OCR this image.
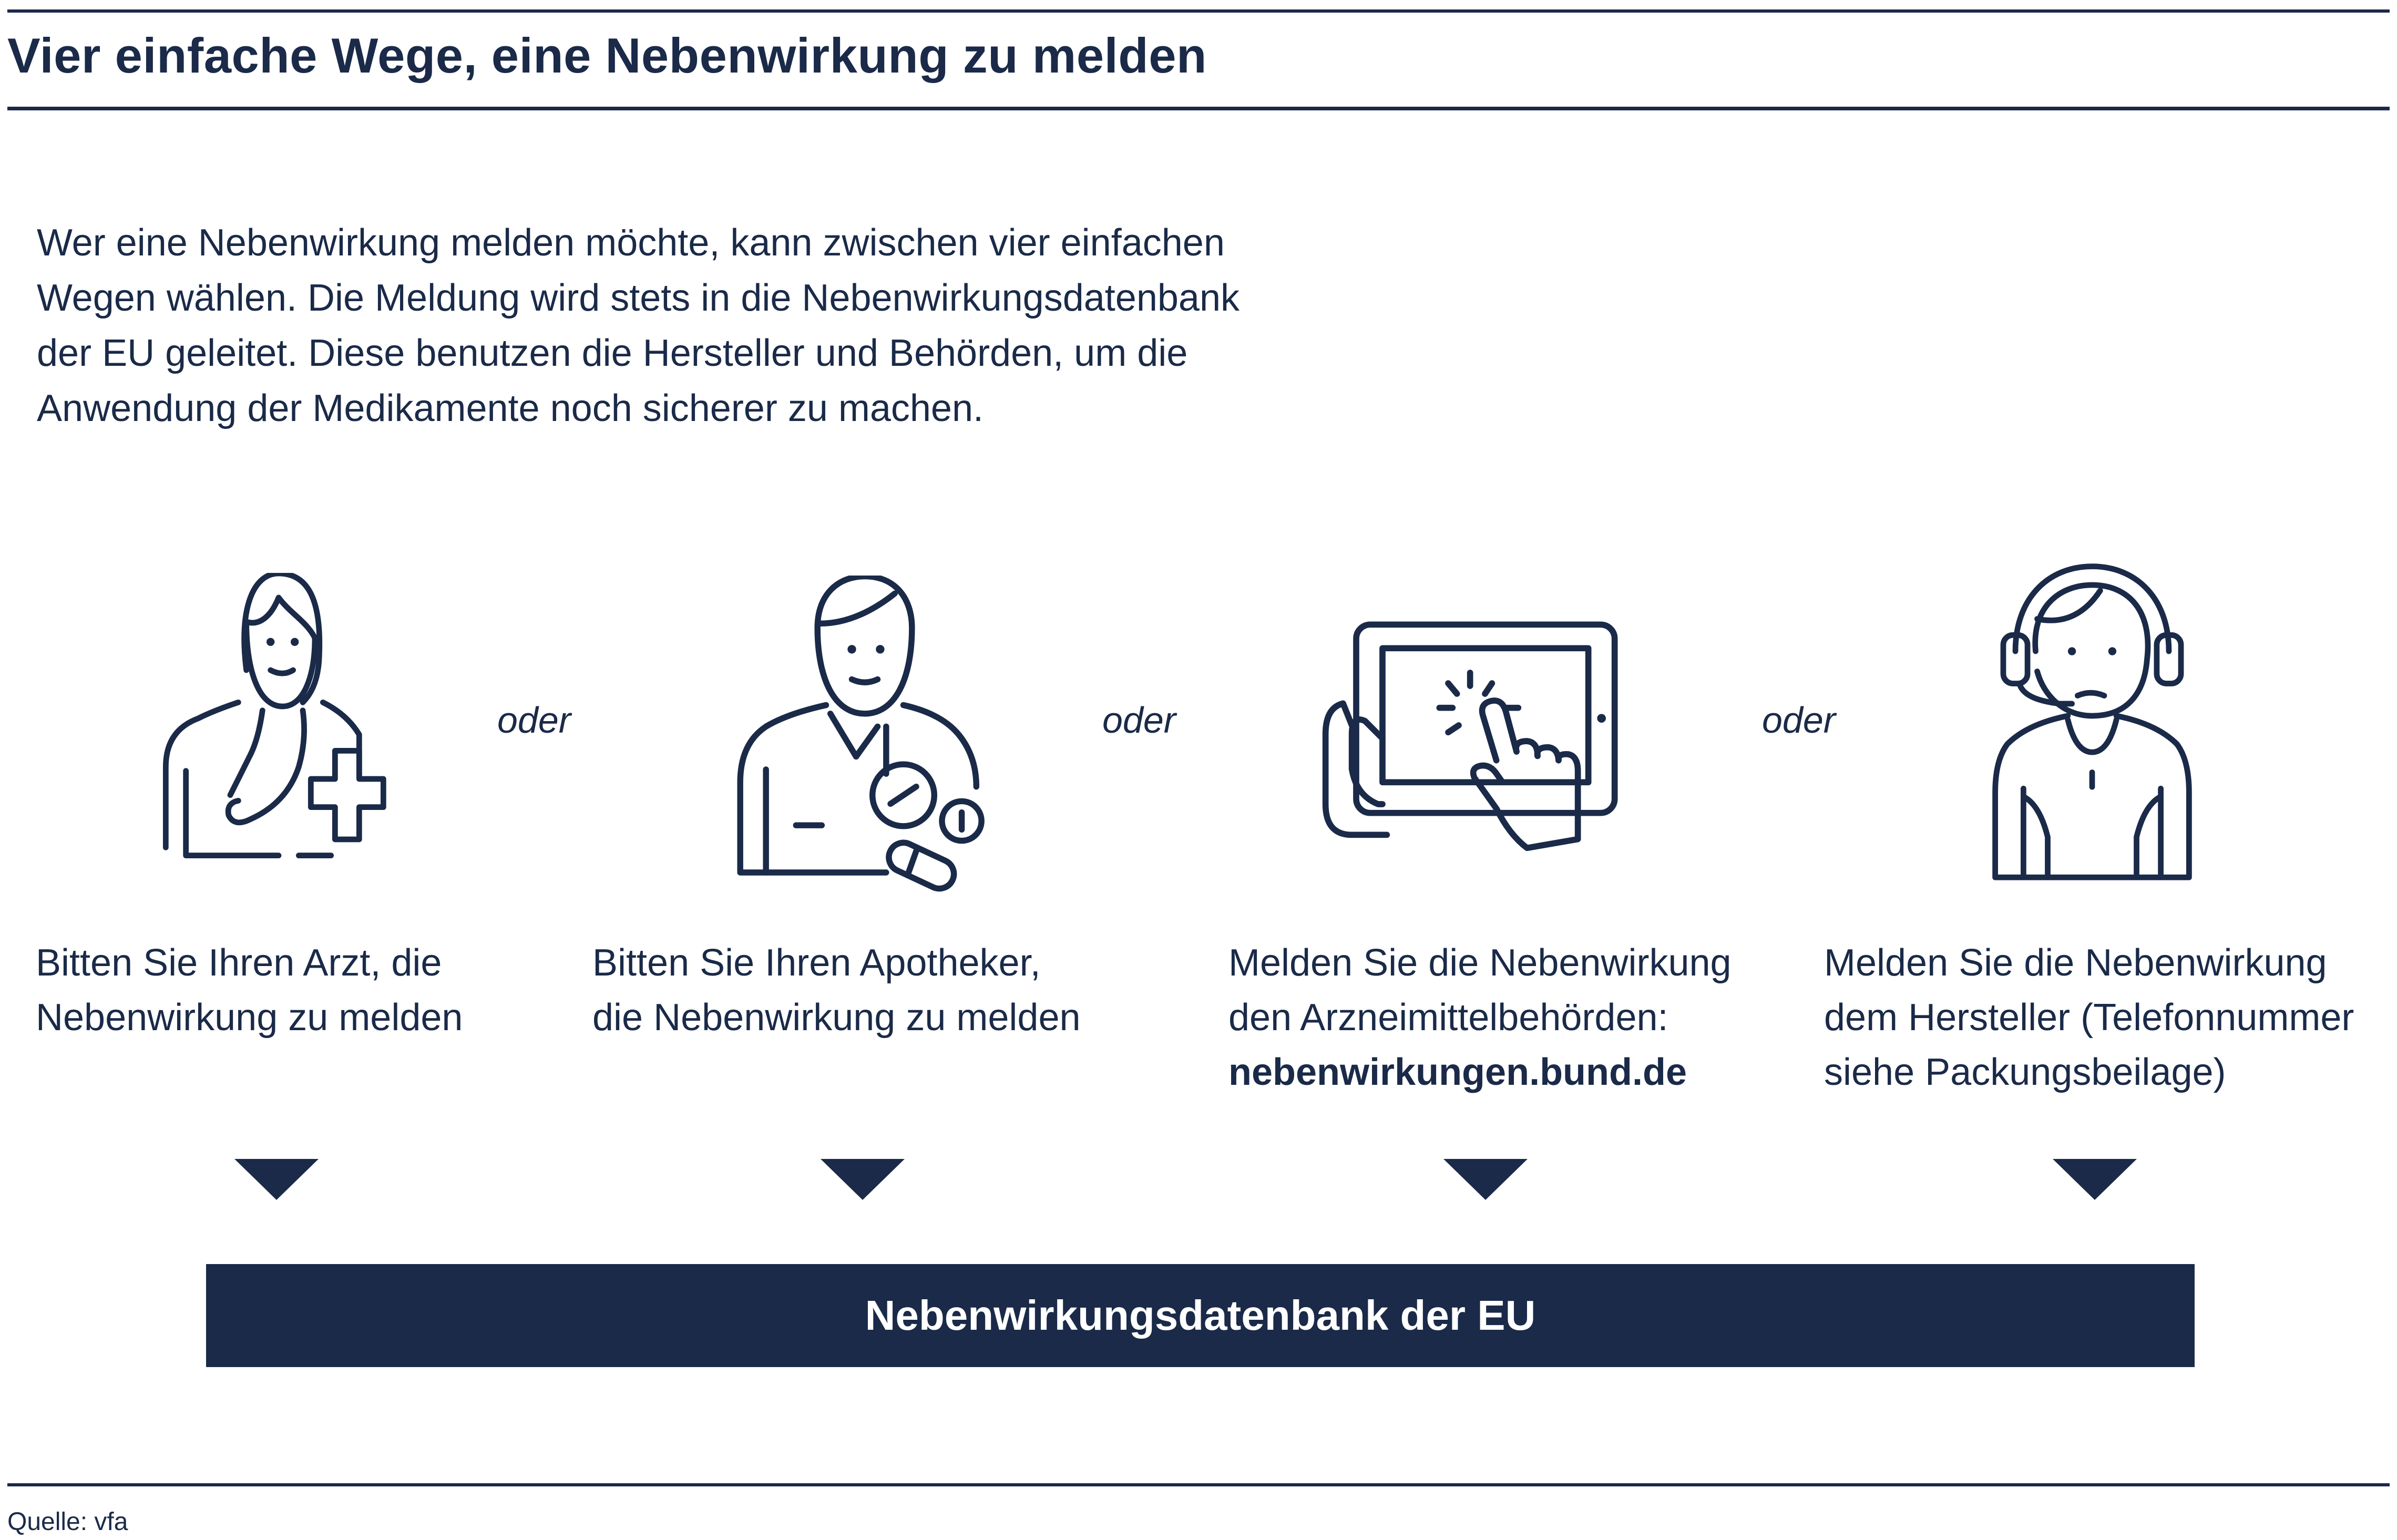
Vier einfache Wege, eine Nebenwirkung zu melden
Wer eine Nebenwirkung melden möchte, kann zwischen vier einfachen
Wegen wählen. Die Meldung wird stets in die Nebenwirkungsdatenbank
der EU geleitet. Diese benutzen die Hersteller und Behörden, um die
Anwendung der Medikamente noch sicherer zu machen.
oder	oder	oder
Bitten Sie Ihren Arzt, die
Nebenwirkung zu melden
Bitten Sie Ihren Apotheker,
die Nebenwirkung zu melden
Melden Sie die Nebenwirkung
den Arzneimittelbehörden:
nebenwirkungen.bund.de
Melden Sie die Nebenwirkung
dem Hersteller (Telefonnummer
siehe Packungsbeilage)
Nebenwirkungsdatenbank der EU
Quelle: vfa
